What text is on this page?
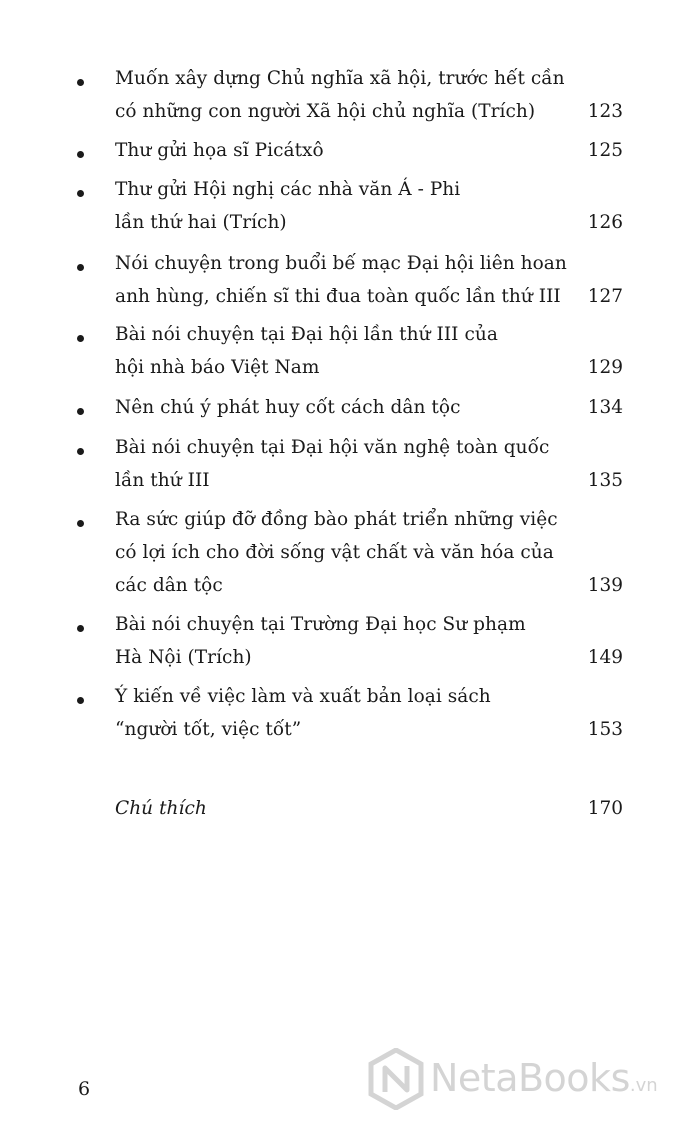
Muốn xây dựng Chủ nghĩa xã hội, trước hết cần
có những con người Xã hội chủ nghĩa (Trích)	123
Thư gửi họa sĩ Picátxô	125
Thư gửi Hội nghị các nhà văn Á - Phi
lần thứ hai (Trích)	126
Nói chuyện trong buổi bế mạc Đại hội liên hoan
anh hùng, chiến sĩ thi đua toàn quốc lần thứ III 127
Bài nói chuyện tại Đại hội lần thứ III của
hội nhà báo Việt Nam	129
Nên chú ý phát huy cốt cách dân tộc	134
Bài nói chuyện tại Đại hội văn nghệ toàn quốc
lần thứ III	135
Ra sức giúp đỡ đồng bào phát triển những việc
có lợi ích cho đời sống vật chất và văn hóa của
các dân tộc	139
Bài nói chuyện tại Trường Đại học Sư phạm
Hà Nội (Trích)	149
Ý kiến về việc làm và xuất bản loại sách
“người tốt, việc tốt”	153
Chú thích	170
6	NetaBooks.vn
